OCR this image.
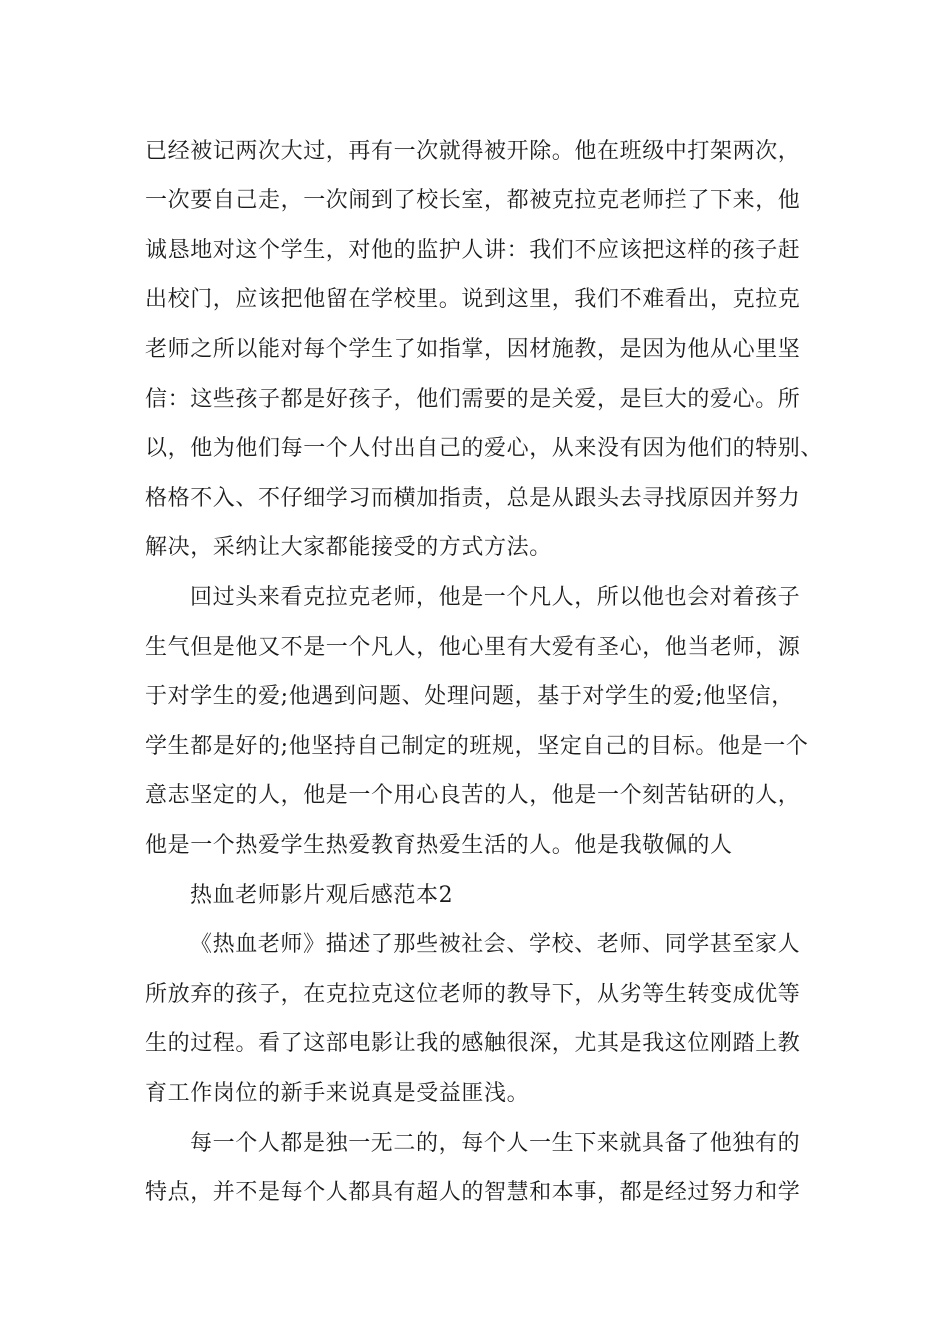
已经被记两次大过，再有一次就得被开除。他在班级中打架两次，
一次要自己走，一次闹到了校长室，都被克拉克老师拦了下来，他
诚恳地对这个学生，对他的监护人讲：我们不应该把这样的孩子赶
出校门，应该把他留在学校里。说到这里，我们不难看出，克拉克
老师之所以能对每个学生了如指掌，因材施教，是因为他从心里坚
信：这些孩子都是好孩子，他们需要的是关爱，是巨大的爱心。所
以，他为他们每一个人付出自己的爱心，从来没有因为他们的特别、
格格不入、不仔细学习而横加指责，总是从跟头去寻找原因并努力
解决，采纳让大家都能接受的方式方法。
回过头来看克拉克老师，他是一个凡人，所以他也会对着孩子
生气但是他又不是一个凡人，他心里有大爱有圣心，他当老师，源
于对学生的爱;他遇到问题、处理问题，基于对学生的爱;他坚信，
学生都是好的;他坚持自己制定的班规，坚定自己的目标。他是一个
意志坚定的人，他是一个用心良苦的人，他是一个刻苦钻研的人，
他是一个热爱学生热爱教育热爱生活的人。他是我敬佩的人
热血老师影片观后感范本2
《热血老师》描述了那些被社会、学校、老师、同学甚至家人
所放弃的孩子，在克拉克这位老师的教导下，从劣等生转变成优等
生的过程。看了这部电影让我的感触很深，尤其是我这位刚踏上教
育工作岗位的新手来说真是受益匪浅。
每一个人都是独一无二的，每个人一生下来就具备了他独有的
特点，并不是每个人都具有超人的智慧和本事，都是经过努力和学
